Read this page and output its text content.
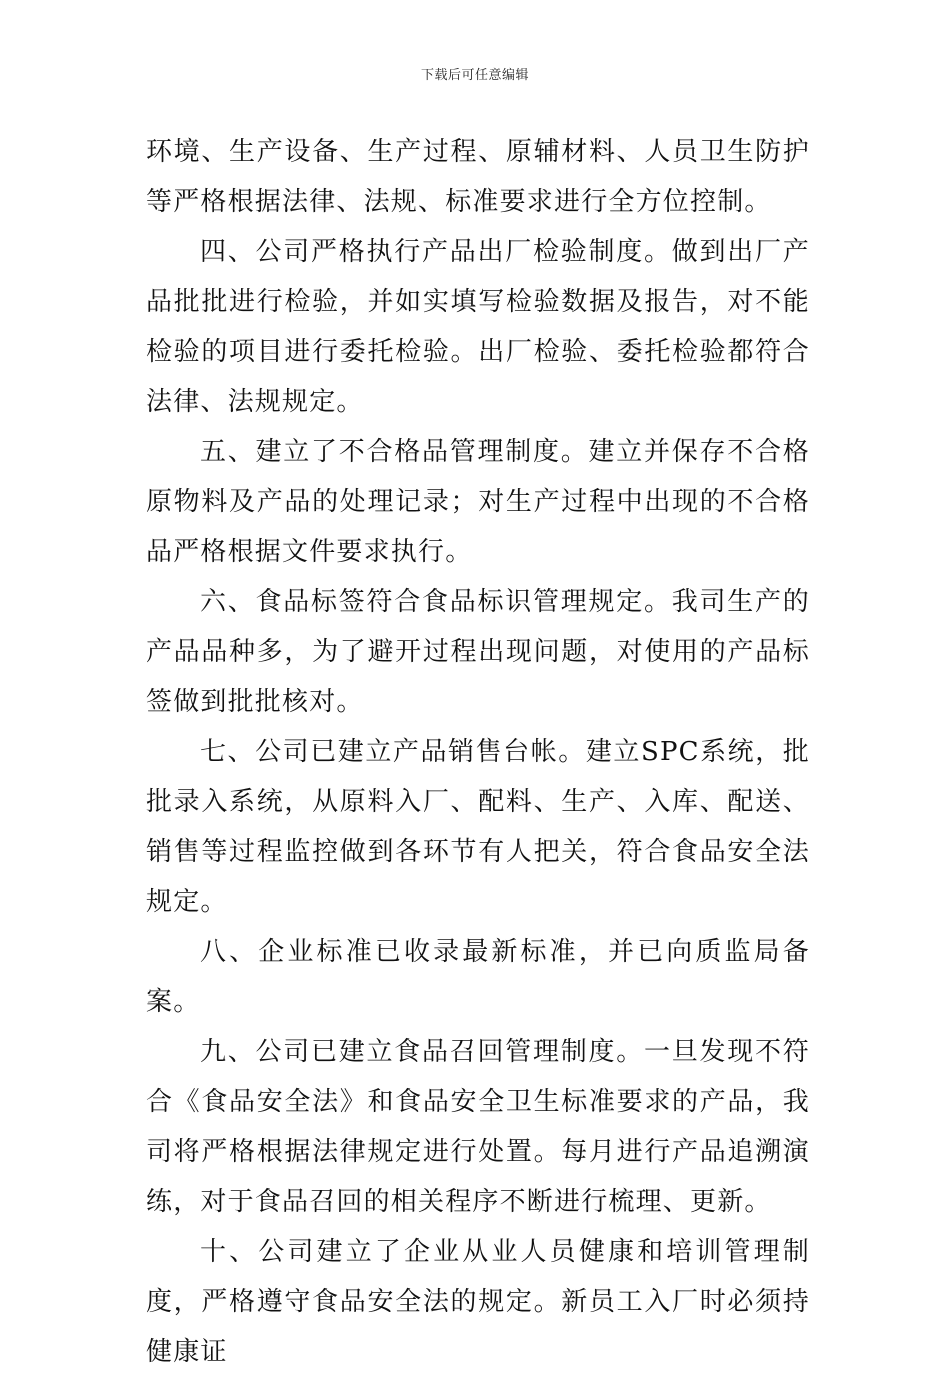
下载后可任意编辑

环境、生产设备、生产过程、原辅材料、人员卫生防护等严格根据法律、法规、标准要求进行全方位控制。

四、公司严格执行产品出厂检验制度。做到出厂产品批批进行检验，并如实填写检验数据及报告，对不能检验的项目进行委托检验。出厂检验、委托检验都符合法律、法规规定。

五、建立了不合格品管理制度。建立并保存不合格原物料及产品的处理记录；对生产过程中出现的不合格品严格根据文件要求执行。

六、食品标签符合食品标识管理规定。我司生产的产品品种多，为了避开过程出现问题，对使用的产品标签做到批批核对。

七、公司已建立产品销售台帐。建立SPC系统，批批录入系统，从原料入厂、配料、生产、入库、配送、销售等过程监控做到各环节有人把关，符合食品安全法规定。

八、企业标准已收录最新标准，并已向质监局备案。

九、公司已建立食品召回管理制度。一旦发现不符合《食品安全法》和食品安全卫生标准要求的产品，我司将严格根据法律规定进行处置。每月进行产品追溯演练，对于食品召回的相关程序不断进行梳理、更新。

十、公司建立了企业从业人员健康和培训管理制度，严格遵守食品安全法的规定。新员工入厂时必须持健康证
